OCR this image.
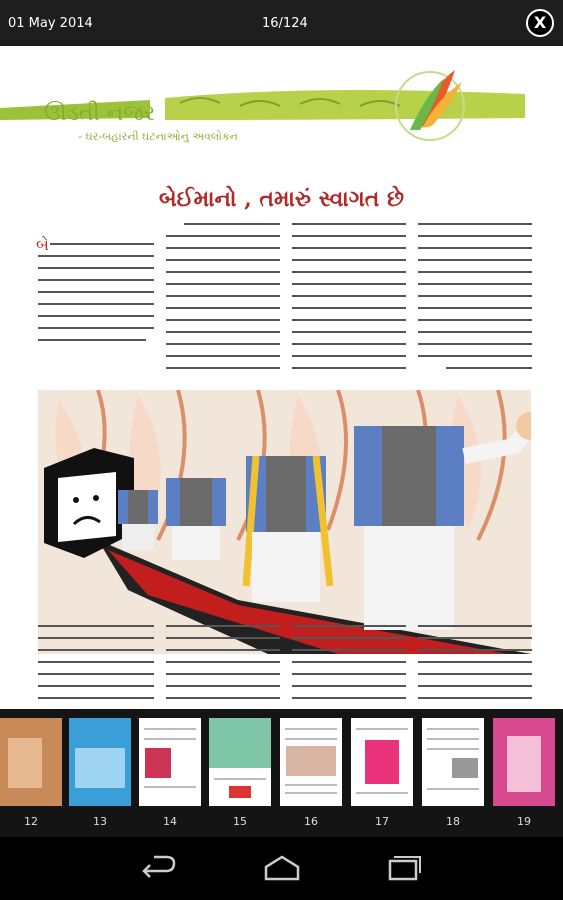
01 May 2014	16/124	X
ઊડતી નજર
- ઘર-બહારની ઘટનાઓનું અવલોકન
બેઈમાનો , તમારું સ્વાગત છે
બે
12	13	14	15	16	17	18	19
